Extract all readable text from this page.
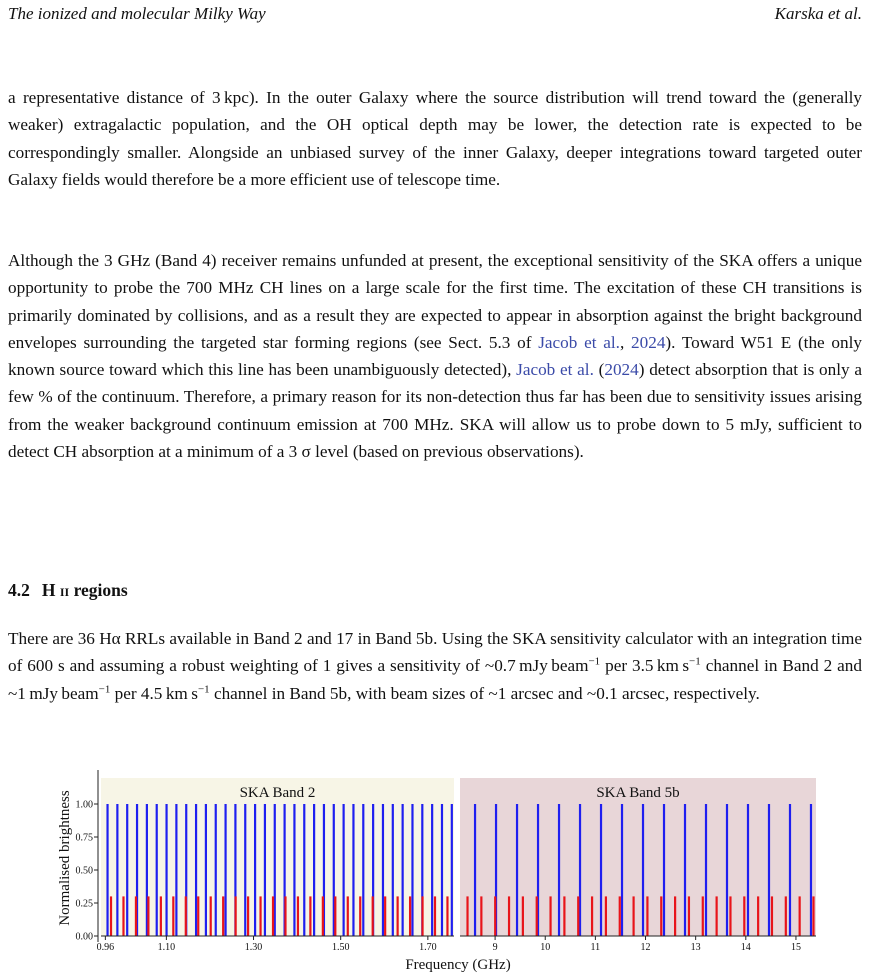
The ionized and molecular Milky Way	Karska et al.

a representative distance of 3 kpc). In the outer Galaxy where the source distribution will trend toward the (generally weaker) extragalactic population, and the OH optical depth may be lower, the detection rate is expected to be correspondingly smaller. Alongside an unbiased survey of the inner Galaxy, deeper integrations toward targeted outer Galaxy fields would therefore be a more efficient use of telescope time.

Although the 3 GHz (Band 4) receiver remains unfunded at present, the exceptional sensitivity of the SKA offers a unique opportunity to probe the 700 MHz CH lines on a large scale for the first time. The excitation of these CH transitions is primarily dominated by collisions, and as a result they are expected to appear in absorption against the bright background envelopes surrounding the targeted star forming regions (see Sect. 5.3 of Jacob et al., 2024). Toward W51 E (the only known source toward which this line has been unambiguously detected), Jacob et al. (2024) detect absorption that is only a few % of the continuum. Therefore, a primary reason for its non-detection thus far has been due to sensitivity issues arising from the weaker background continuum emission at 700 MHz. SKA will allow us to probe down to 5 mJy, sufficient to detect CH absorption at a minimum of a 3 σ level (based on previous observations).

4.2 H ii regions

There are 36 Hα RRLs available in Band 2 and 17 in Band 5b. Using the SKA sensitivity calculator with an integration time of 600 s and assuming a robust weighting of 1 gives a sensitivity of ~0.7 mJy beam$^{-1}$ per 3.5 km $s^{-1}$ channel in Band 2 and ~1 mJy beam$^{-1}$ per 4.5 km $s^{-1}$ channel in Band 5b, with beam sizes of ~1 arcsec and ~0.1 arcsec, respectively.

SKA Band 2	SKA Band 5b
0.96	1.10	1.30	1.50	1.70	9	10	11	12	13	14	15
0.00
0.25
0.50
0.75
1.00
Normalised brightness
Frequency (GHz)
